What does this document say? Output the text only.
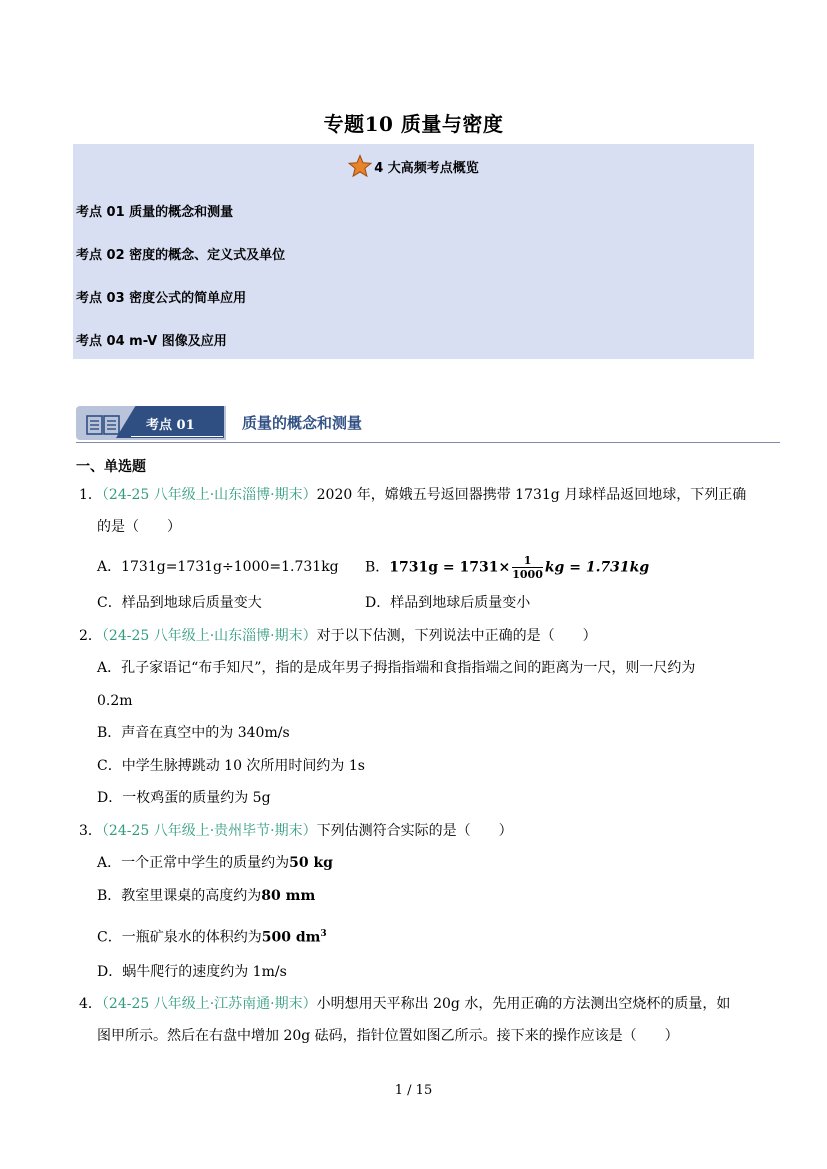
专题10 质量与密度
4 大高频考点概览
考点 01 质量的概念和测量
考点 02 密度的概念、定义式及单位
考点 03 密度公式的简单应用
考点 04 m-V 图像及应用
考点 01	质量的概念和测量
一、单选题
1．（24-25 八年级上·山东淄博·期末）2020 年，嫦娥五号返回器携带 1731g 月球样品返回地球，下列正确
的是（　　）
A．1731g=1731g÷1000=1.731kg B．$1731g = 1731\times \frac{1}{1000}$ kg = 1.731kg
C．样品到地球后质量变大	D．样品到地球后质量变小
2．（24-25 八年级上·山东淄博·期末）对于以下估测，下列说法中正确的是（　　）
A．孔子家语记“布手知尺”，指的是成年男子拇指指端和食指指端之间的距离为一尺，则一尺约为
0.2m
B．声音在真空中的为 340m/s
C．中学生脉搏跳动 10 次所用时间约为 1s
D．一枚鸡蛋的质量约为 5g
3．（24-25 八年级上·贵州毕节·期末）下列估测符合实际的是（　　）
A．一个正常中学生的质量约为50 kg
B．教室里课桌的高度约为80 mm
C．一瓶矿泉水的体积约为500 $dm^3$
D．蜗牛爬行的速度约为 1m/s
4．（24-25 八年级上·江苏南通·期末）小明想用天平称出 20g 水，先用正确的方法测出空烧杯的质量，如
图甲所示。然后在右盘中增加 20g 砝码，指针位置如图乙所示。接下来的操作应该是（　　）
1 / 15
